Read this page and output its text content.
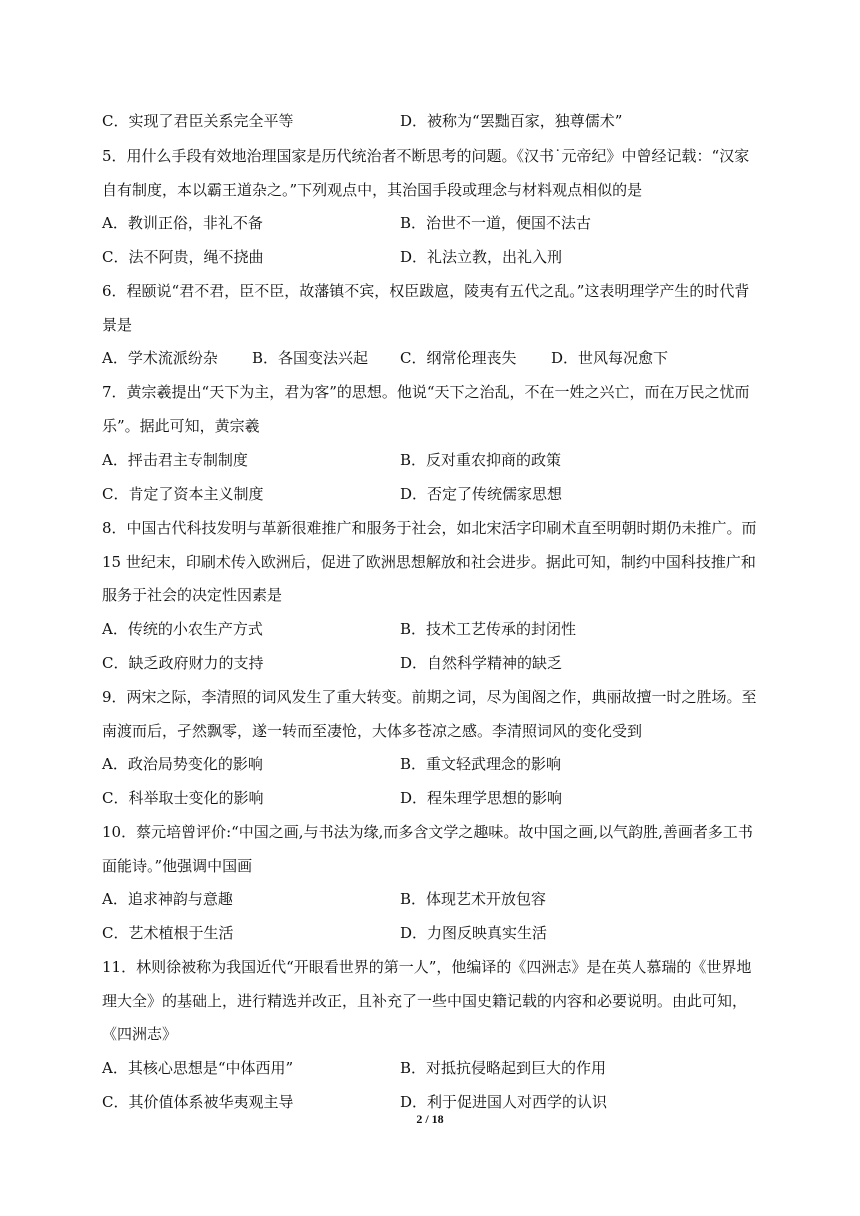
C．实现了君臣关系完全平等	D．被称为“罢黜百家，独尊儒术”
5．用什么手段有效地治理国家是历代统治者不断思考的问题。《汉书˙元帝纪》中曾经记载：“汉家
自有制度，本以霸王道杂之。”下列观点中，其治国手段或理念与材料观点相似的是
A．教训正俗，非礼不备	B．治世不一道，便国不法古
C．法不阿贵，绳不挠曲	D．礼法立教，出礼入刑
6．程颐说“君不君，臣不臣，故藩镇不宾，权臣跋扈，陵夷有五代之乱。”这表明理学产生的时代背
景是
A．学术流派纷杂 B．各国变法兴起 C．纲常伦理丧失 D．世风每况愈下
7．黄宗羲提出“天下为主，君为客”的思想。他说“天下之治乱，不在一姓之兴亡，而在万民之忧而
乐”。据此可知，黄宗羲
A．抨击君主专制制度	B．反对重农抑商的政策
C．肯定了资本主义制度	D．否定了传统儒家思想
8．中国古代科技发明与革新很难推广和服务于社会，如北宋活字印刷术直至明朝时期仍未推广。而
15 世纪末，印刷术传入欧洲后，促进了欧洲思想解放和社会进步。据此可知，制约中国科技推广和
服务于社会的决定性因素是
A．传统的小农生产方式	B．技术工艺传承的封闭性
C．缺乏政府财力的支持	D．自然科学精神的缺乏
9．两宋之际，李清照的词风发生了重大转变。前期之词，尽为闺阁之作，典丽故擅一时之胜场。至
南渡而后，孑然飘零，遂一转而至凄怆，大体多苍凉之感。李清照词风的变化受到
A．政治局势变化的影响	B．重文轻武理念的影响
C．科举取士变化的影响	D．程朱理学思想的影响
10．蔡元培曾评价:“中国之画,与书法为缘,而多含文学之趣味。故中国之画,以气韵胜,善画者多工书
面能诗。”他强调中国画
A．追求神韵与意趣	B．体现艺术开放包容
C．艺术植根于生活	D．力图反映真实生活
11．林则徐被称为我国近代“开眼看世界的第一人”，他编译的《四洲志》是在英人慕瑞的《世界地
理大全》的基础上，进行精选并改正，且补充了一些中国史籍记载的内容和必要说明。由此可知，
《四洲志》
A．其核心思想是“中体西用”	B．对抵抗侵略起到巨大的作用
C．其价值体系被华夷观主导	D．利于促进国人对西学的认识
2 / 18
